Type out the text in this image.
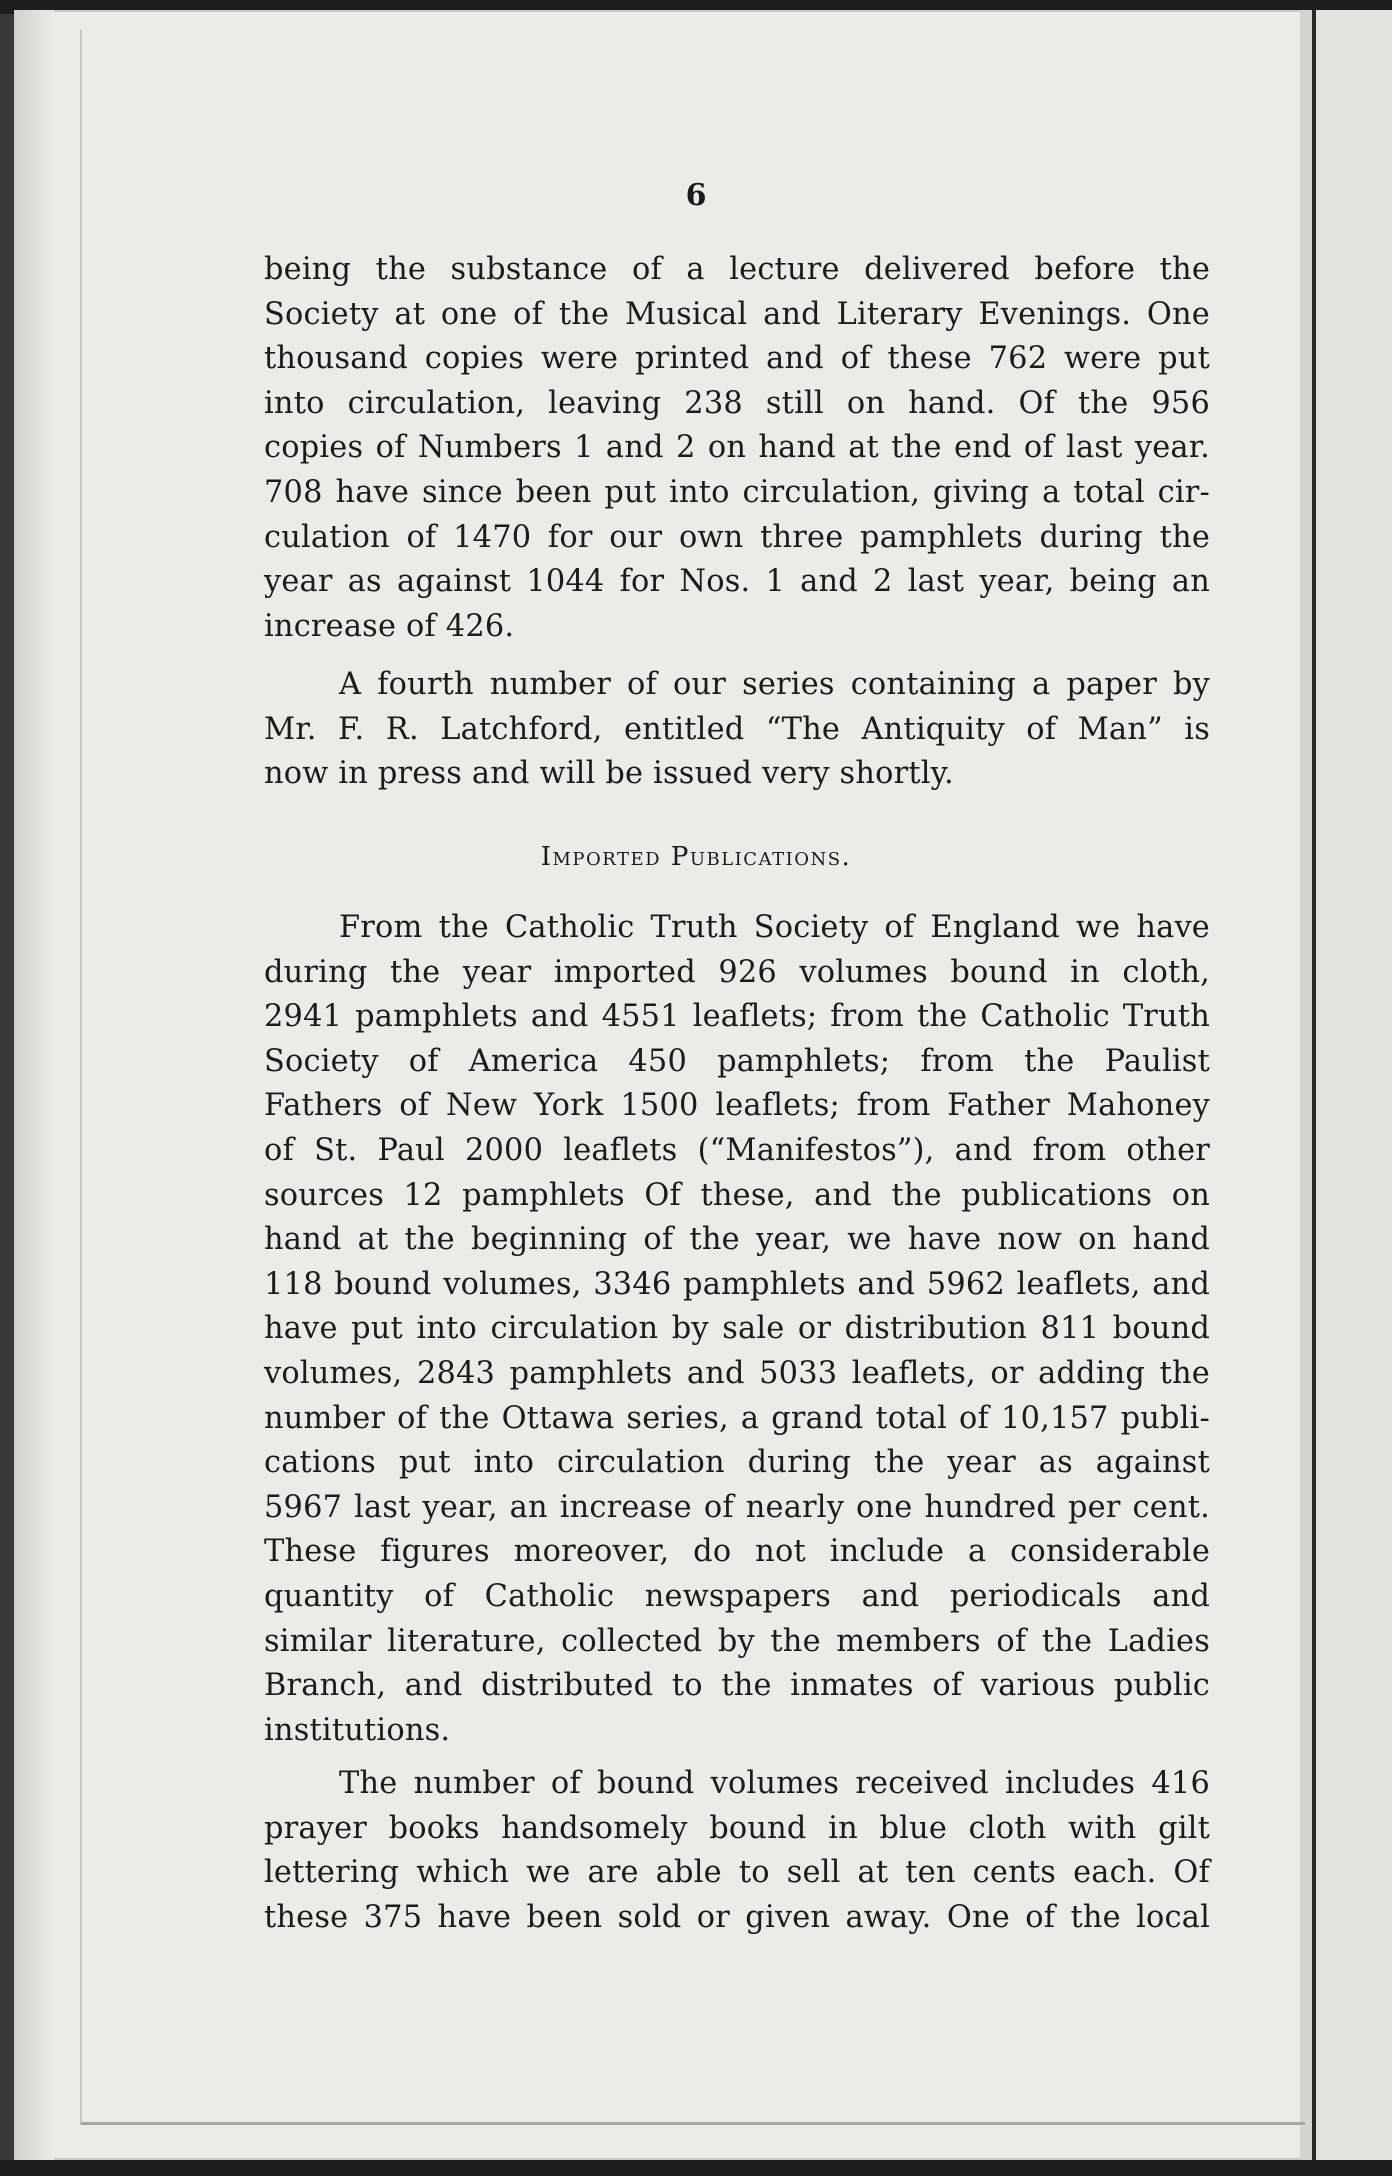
6
being the substance of a lecture delivered before the
Society at one of the Musical and Literary Evenings. One
thousand copies were printed and of these 762 were put
into circulation, leaving 238 still on hand. Of the 956
copies of Numbers 1 and 2 on hand at the end of last year.
708 have since been put into circulation, giving a total cir-
culation of 1470 for our own three pamphlets during the
year as against 1044 for Nos. 1 and 2 last year, being an
increase of 426.
A fourth number of our series containing a paper by
Mr. F. R. Latchford, entitled “The Antiquity of Man” is
now in press and will be issued very shortly.
Imported Publications.
From the Catholic Truth Society of England we have
during the year imported 926 volumes bound in cloth,
2941 pamphlets and 4551 leaflets; from the Catholic Truth
Society of America 450 pamphlets; from the Paulist
Fathers of New York 1500 leaflets; from Father Mahoney
of St. Paul 2000 leaflets (“Manifestos”), and from other
sources 12 pamphlets Of these, and the publications on
hand at the beginning of the year, we have now on hand
118 bound volumes, 3346 pamphlets and 5962 leaflets, and
have put into circulation by sale or distribution 811 bound
volumes, 2843 pamphlets and 5033 leaflets, or adding the
number of the Ottawa series, a grand total of 10,157 publi-
cations put into circulation during the year as against
5967 last year, an increase of nearly one hundred per cent.
These figures moreover, do not include a considerable
quantity of Catholic newspapers and periodicals and
similar literature, collected by the members of the Ladies
Branch, and distributed to the inmates of various public
institutions.
The number of bound volumes received includes 416
prayer books handsomely bound in blue cloth with gilt
lettering which we are able to sell at ten cents each. Of
these 375 have been sold or given away. One of the local
